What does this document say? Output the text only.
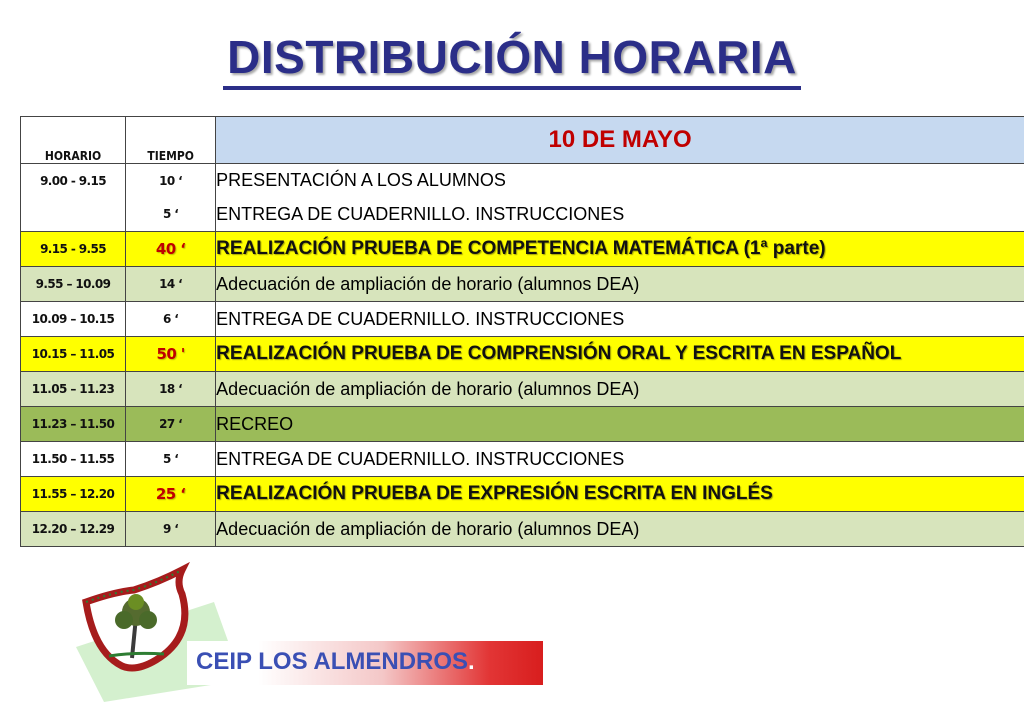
DISTRIBUCIÓN HORARIA
HORARIO	TIEMPO	10 DE MAYO
9.00 - 9.15	10 ‘	PRESENTACIÓN A LOS ALUMNOS
	5 ‘	ENTREGA DE CUADERNILLO. INSTRUCCIONES
9.15 - 9.55	40 ‘	REALIZACIÓN PRUEBA DE COMPETENCIA MATEMÁTICA (1ª parte)
9.55 – 10.09	14 ‘	Adecuación de ampliación de horario (alumnos DEA)
10.09 – 10.15	6 ‘	ENTREGA DE CUADERNILLO. INSTRUCCIONES
10.15 – 11.05	50 '	REALIZACIÓN PRUEBA DE COMPRENSIÓN ORAL Y ESCRITA EN ESPAÑOL
11.05 – 11.23	18 ‘	Adecuación de ampliación de horario (alumnos DEA)
11.23 – 11.50	27 ‘	RECREO
11.50 – 11.55	5 ‘	ENTREGA DE CUADERNILLO. INSTRUCCIONES
11.55 – 12.20	25 ‘	REALIZACIÓN PRUEBA DE EXPRESIÓN ESCRITA EN INGLÉS
12.20 – 12.29	9 ‘	Adecuación de ampliación de horario (alumnos DEA)
CEIP LOS ALMENDROS.
